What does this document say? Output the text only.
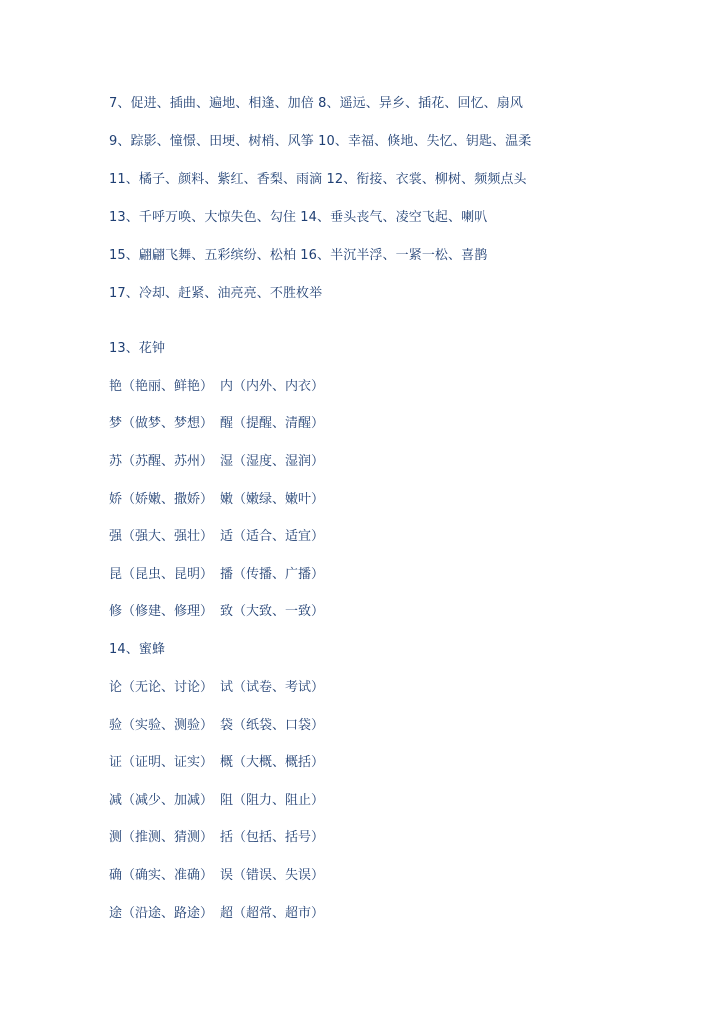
7、促进、插曲、遍地、相逢、加倍 8、遥远、异乡、插花、回忆、扇风
9、踪影、憧憬、田埂、树梢、风筝 10、幸福、倏地、失忆、钥匙、温柔
11、橘子、颜料、紫红、香梨、雨滴 12、衔接、衣裳、柳树、频频点头
13、千呼万唤、大惊失色、勾住 14、垂头丧气、凌空飞起、喇叭
15、翩翩飞舞、五彩缤纷、松柏 16、半沉半浮、一紧一松、喜鹊
17、冷却、赶紧、油亮亮、不胜枚举
13、花钟
艳（艳丽、鲜艳） 内（内外、内衣）
梦（做梦、梦想） 醒（提醒、清醒）
苏（苏醒、苏州） 湿（湿度、湿润）
娇（娇嫩、撒娇） 嫩（嫩绿、嫩叶）
强（强大、强壮） 适（适合、适宜）
昆（昆虫、昆明） 播（传播、广播）
修（修建、修理） 致（大致、一致）
14、蜜蜂
论（无论、讨论） 试（试卷、考试）
验（实验、测验） 袋（纸袋、口袋）
证（证明、证实） 概（大概、概括）
减（减少、加减） 阻（阻力、阻止）
测（推测、猜测） 括（包括、括号）
确（确实、准确） 误（错误、失误）
途（沿途、路途） 超（超常、超市）
